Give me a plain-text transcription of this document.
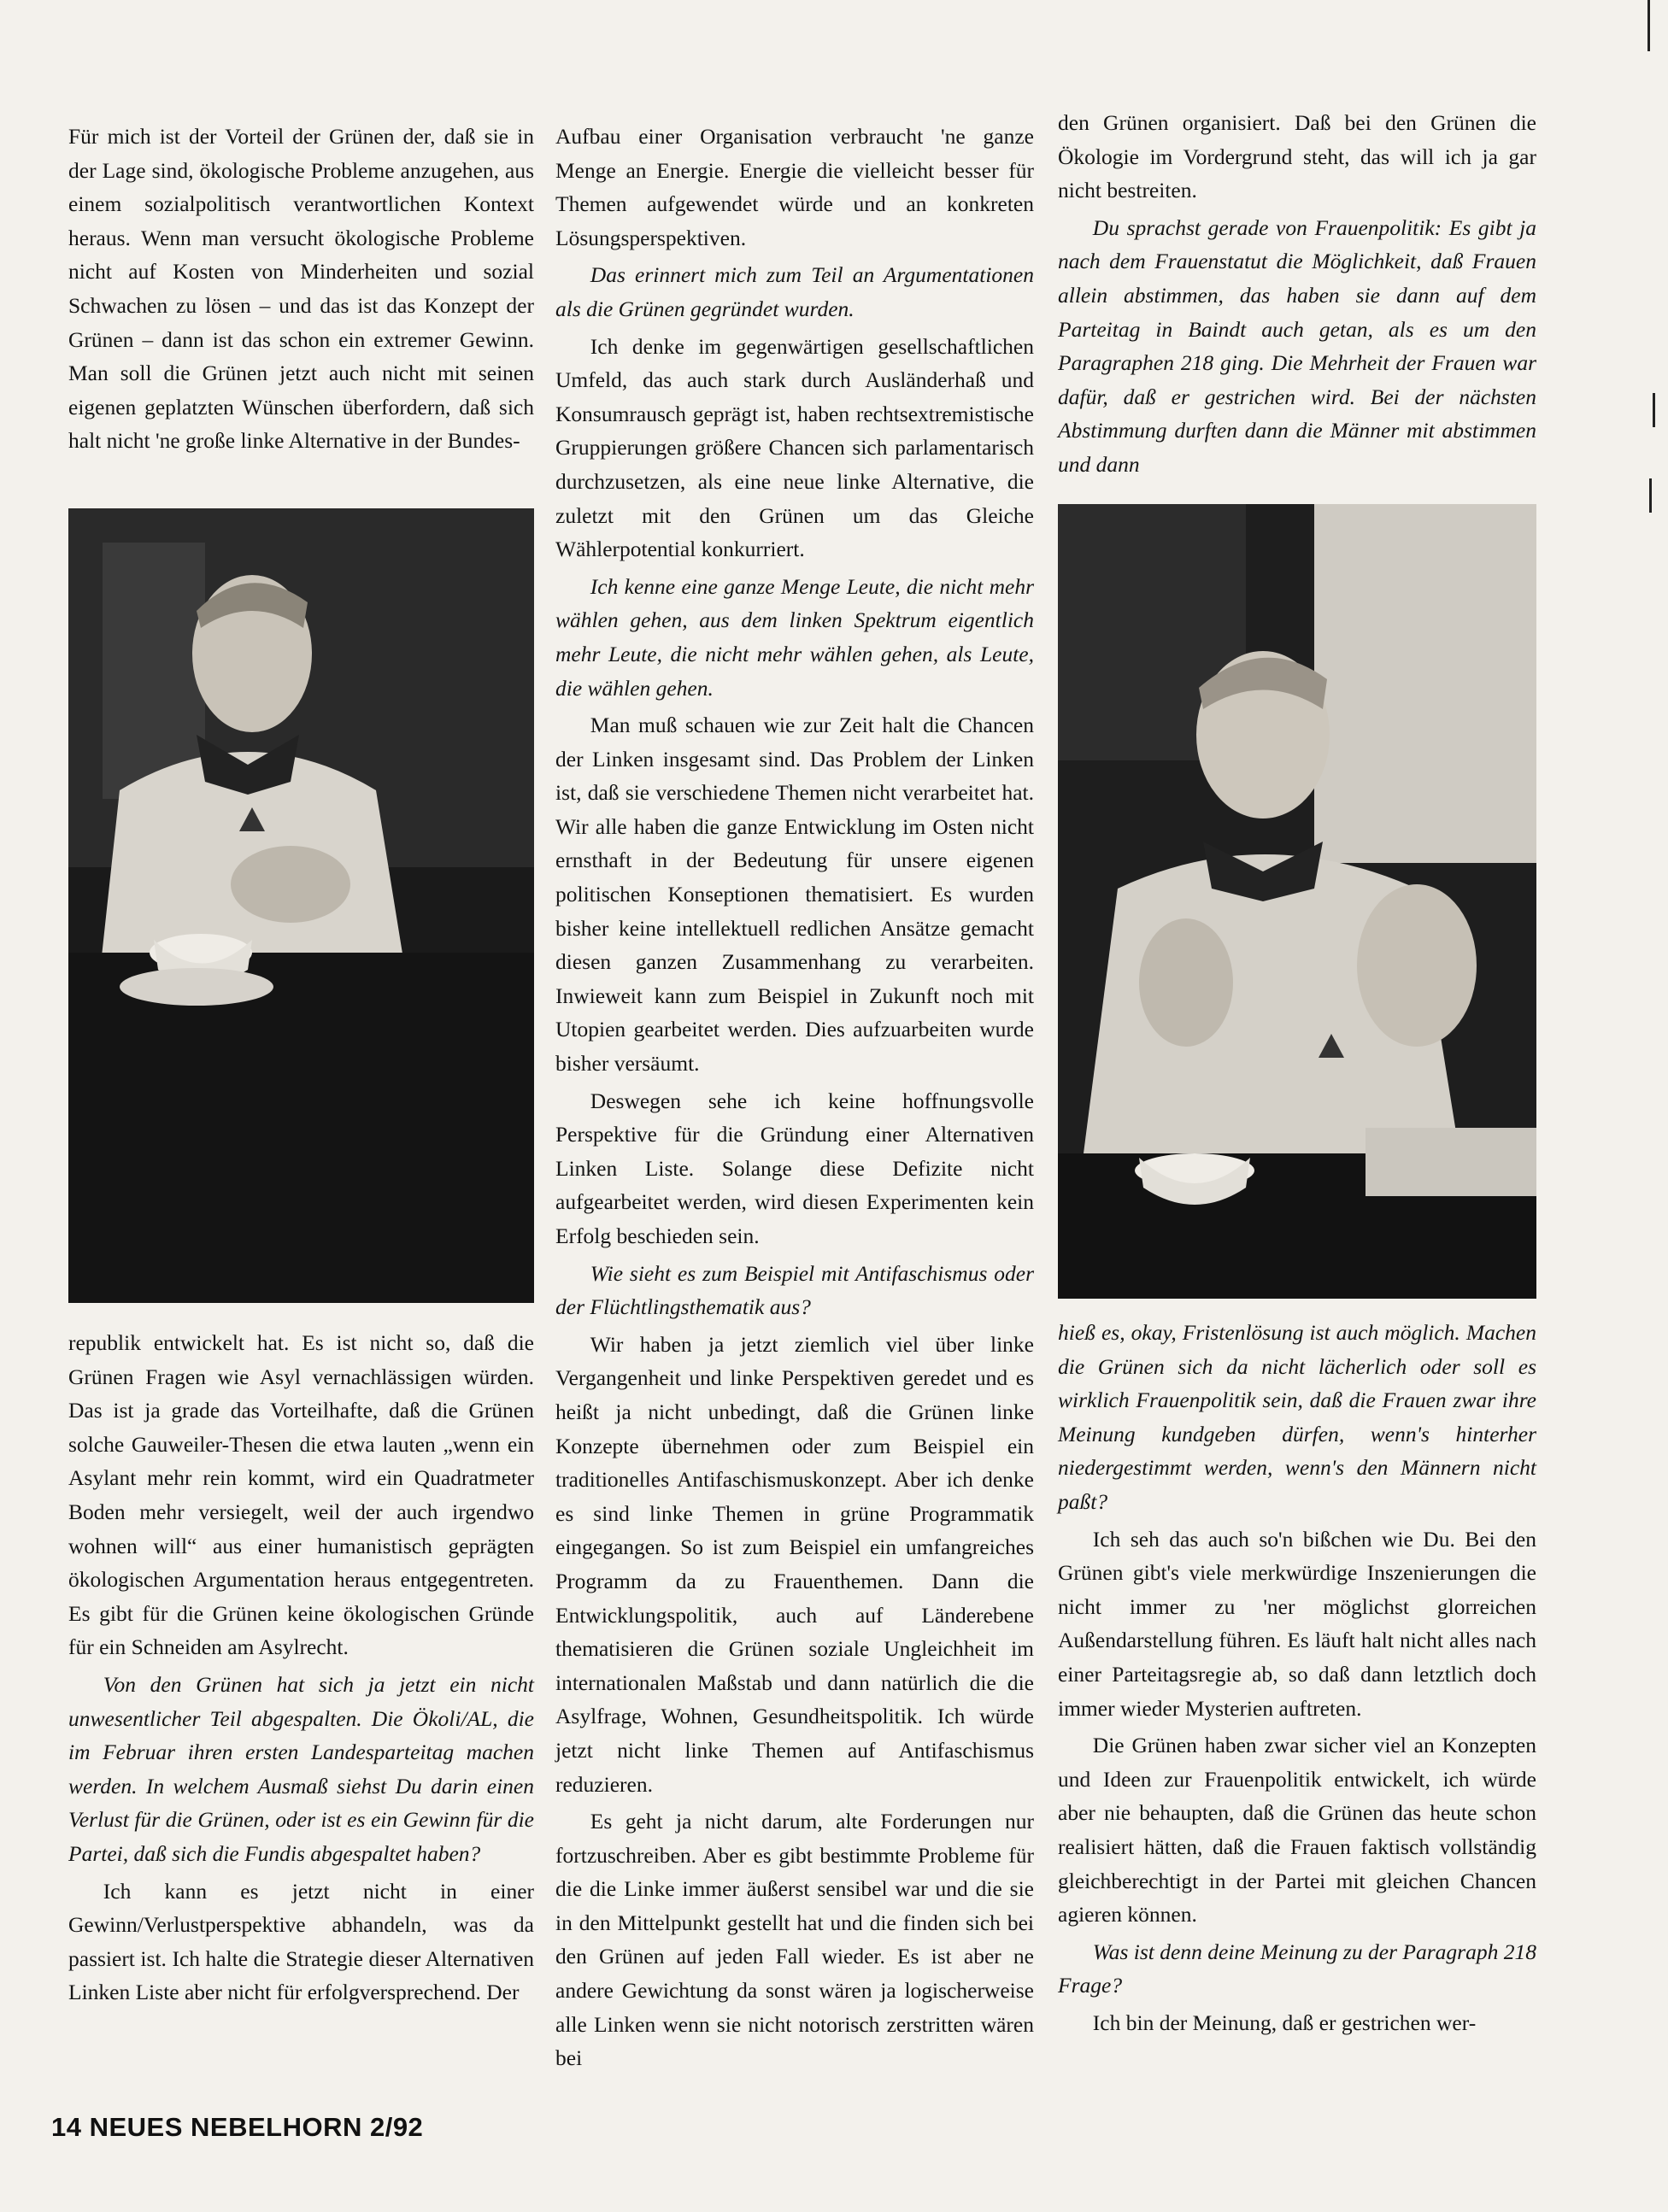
Für mich ist der Vorteil der Grünen der, daß sie in der Lage sind, ökologische Probleme anzugehen, aus einem sozialpolitisch verantwortlichen Kontext heraus. Wenn man versucht ökologische Probleme nicht auf Kosten von Minderheiten und sozial Schwachen zu lösen – und das ist das Konzept der Grünen – dann ist das schon ein extremer Gewinn. Man soll die Grünen jetzt auch nicht mit seinen eigenen geplatzten Wünschen überfordern, daß sich halt nicht 'ne große linke Alternative in der Bundes-

republik entwickelt hat. Es ist nicht so, daß die Grünen Fragen wie Asyl vernachlässigen würden. Das ist ja grade das Vorteilhafte, daß die Grünen solche Gauweiler-Thesen die etwa lauten „wenn ein Asylant mehr rein kommt, wird ein Quadratmeter Boden mehr versiegelt, weil der auch irgendwo wohnen will“ aus einer humanistisch geprägten ökologischen Argumentation heraus entgegentreten. Es gibt für die Grünen keine ökologischen Gründe für ein Schneiden am Asylrecht.

Von den Grünen hat sich ja jetzt ein nicht unwesentlicher Teil abgespalten. Die Ökoli/AL, die im Februar ihren ersten Landesparteitag machen werden. In welchem Ausmaß siehst Du darin einen Verlust für die Grünen, oder ist es ein Gewinn für die Partei, daß sich die Fundis abgespaltet haben?

Ich kann es jetzt nicht in einer Gewinn/Verlustperspektive abhandeln, was da passiert ist. Ich halte die Strategie dieser Alternativen Linken Liste aber nicht für erfolgversprechend. Der

Aufbau einer Organisation verbraucht 'ne ganze Menge an Energie. Energie die vielleicht besser für Themen aufgewendet würde und an konkreten Lösungsperspektiven.

Das erinnert mich zum Teil an Argumentationen als die Grünen gegründet wurden.

Ich denke im gegenwärtigen gesellschaftlichen Umfeld, das auch stark durch Ausländerhaß und Konsumrausch geprägt ist, haben rechtsextremistische Gruppierungen größere Chancen sich parlamentarisch durchzusetzen, als eine neue linke Alternative, die zuletzt mit den Grünen um das Gleiche Wählerpotential konkurriert.

Ich kenne eine ganze Menge Leute, die nicht mehr wählen gehen, aus dem linken Spektrum eigentlich mehr Leute, die nicht mehr wählen gehen, als Leute, die wählen gehen.

Man muß schauen wie zur Zeit halt die Chancen der Linken insgesamt sind. Das Problem der Linken ist, daß sie verschiedene Themen nicht verarbeitet hat. Wir alle haben die ganze Entwicklung im Osten nicht ernsthaft in der Bedeutung für unsere eigenen politischen Konseptionen thematisiert. Es wurden bisher keine intellektuell redlichen Ansätze gemacht diesen ganzen Zusammenhang zu verarbeiten. Inwieweit kann zum Beispiel in Zukunft noch mit Utopien gearbeitet werden. Dies aufzuarbeiten wurde bisher versäumt.

Deswegen sehe ich keine hoffnungsvolle Perspektive für die Gründung einer Alternativen Linken Liste. Solange diese Defizite nicht aufgearbeitet werden, wird diesen Experimenten kein Erfolg beschieden sein.

Wie sieht es zum Beispiel mit Antifaschismus oder der Flüchtlingsthematik aus?

Wir haben ja jetzt ziemlich viel über linke Vergangenheit und linke Perspektiven geredet und es heißt ja nicht unbedingt, daß die Grünen linke Konzepte übernehmen oder zum Beispiel ein traditionelles Antifaschismuskonzept. Aber ich denke es sind linke Themen in grüne Programmatik eingegangen. So ist zum Beispiel ein umfangreiches Programm da zu Frauenthemen. Dann die Entwicklungspolitik, auch auf Länderebene thematisieren die Grünen soziale Ungleichheit im internationalen Maßstab und dann natürlich die die Asylfrage, Wohnen, Gesundheitspolitik. Ich würde jetzt nicht linke Themen auf Antifaschismus reduzieren.

Es geht ja nicht darum, alte Forderungen nur fortzuschreiben. Aber es gibt bestimmte Probleme für die die Linke immer äußerst sensibel war und die sie in den Mittelpunkt gestellt hat und die finden sich bei den Grünen auf jeden Fall wieder. Es ist aber ne andere Gewichtung da sonst wären ja logischerweise alle Linken wenn sie nicht notorisch zerstritten wären bei

den Grünen organisiert. Daß bei den Grünen die Ökologie im Vordergrund steht, das will ich ja gar nicht bestreiten.

Du sprachst gerade von Frauenpolitik: Es gibt ja nach dem Frauenstatut die Möglichkeit, daß Frauen allein abstimmen, das haben sie dann auf dem Parteitag in Baindt auch getan, als es um den Paragraphen 218 ging. Die Mehrheit der Frauen war dafür, daß er gestrichen wird. Bei der nächsten Abstimmung durften dann die Männer mit abstimmen und dann

hieß es, okay, Fristenlösung ist auch möglich. Machen die Grünen sich da nicht lächerlich oder soll es wirklich Frauenpolitik sein, daß die Frauen zwar ihre Meinung kundgeben dürfen, wenn's hinterher niedergestimmt werden, wenn's den Männern nicht paßt?

Ich seh das auch so'n bißchen wie Du. Bei den Grünen gibt's viele merkwürdige Inszenierungen die nicht immer zu 'ner möglichst glorreichen Außendarstellung führen. Es läuft halt nicht alles nach einer Parteitagsregie ab, so daß dann letztlich doch immer wieder Mysterien auftreten.

Die Grünen haben zwar sicher viel an Konzepten und Ideen zur Frauenpolitik entwickelt, ich würde aber nie behaupten, daß die Grünen das heute schon realisiert hätten, daß die Frauen faktisch vollständig gleichberechtigt in der Partei mit gleichen Chancen agieren können.

Was ist denn deine Meinung zu der Paragraph 218 Frage?

Ich bin der Meinung, daß er gestrichen wer-

14 NEUES NEBELHORN 2/92
